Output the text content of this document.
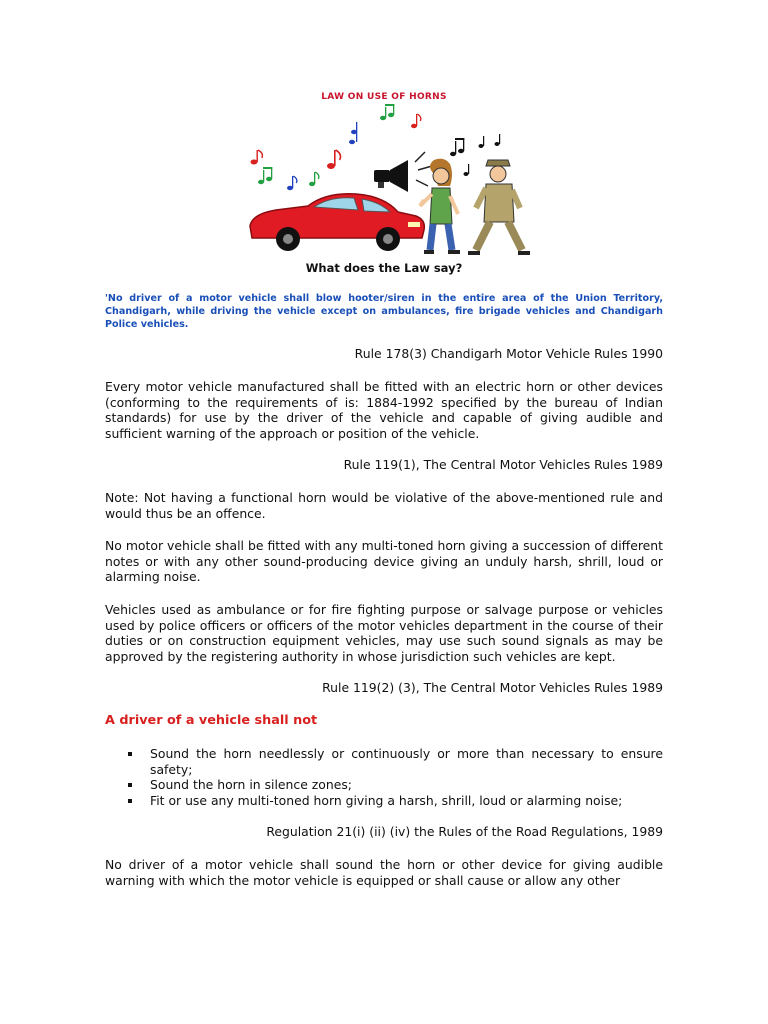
LAW ON USE OF HORNS
What does the Law say?
'No driver of a motor vehicle shall blow hooter/siren in the entire area of the Union Territory, Chandigarh, while driving the vehicle except on ambulances, fire brigade vehicles and Chandigarh Police vehicles.
Rule 178(3) Chandigarh Motor Vehicle Rules 1990
Every motor vehicle manufactured shall be fitted with an electric horn or other devices (conforming to the requirements of is: 1884-1992 specified by the bureau of Indian standards) for use by the driver of the vehicle and capable of giving audible and sufficient warning of the approach or position of the vehicle.
Rule 119(1), The Central Motor Vehicles Rules 1989
Note: Not having a functional horn would be violative of the above-mentioned rule and would thus be an offence.
No motor vehicle shall be fitted with any multi-toned horn giving a succession of different notes or with any other sound-producing device giving an unduly harsh, shrill, loud or alarming noise.
Vehicles used as ambulance or for fire fighting purpose or salvage purpose or vehicles used by police officers or officers of the motor vehicles department in the course of their duties or on construction equipment vehicles, may use such sound signals as may be approved by the registering authority in whose jurisdiction such vehicles are kept.
Rule 119(2) (3), The Central Motor Vehicles Rules 1989
A driver of a vehicle shall not
Sound the horn needlessly or continuously or more than necessary to ensure safety;
Sound the horn in silence zones;
Fit or use any multi-toned horn giving a harsh, shrill, loud or alarming noise;
Regulation 21(i) (ii) (iv) the Rules of the Road Regulations, 1989
No driver of a motor vehicle shall sound the horn or other device for giving audible warning with which the motor vehicle is equipped or shall cause or allow any other
